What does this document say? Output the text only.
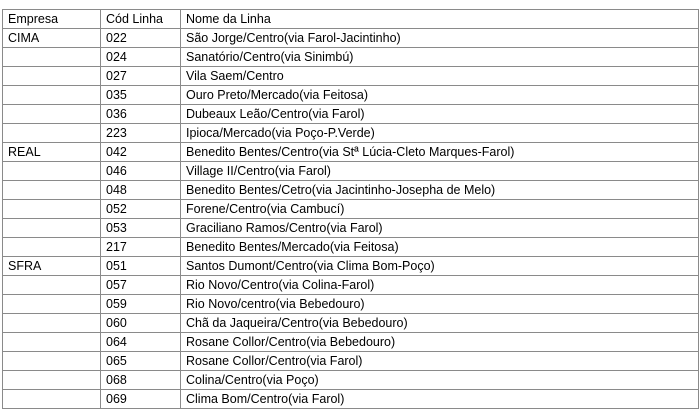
Empresa	Cód Linha	Nome da Linha
CIMA	022	São Jorge/Centro(via Farol-Jacintinho)
	024	Sanatório/Centro(via Sinimbú)
	027	Vila Saem/Centro
	035	Ouro Preto/Mercado(via Feitosa)
	036	Dubeaux Leão/Centro(via Farol)
	223	Ipioca/Mercado(via Poço-P.Verde)
REAL	042	Benedito Bentes/Centro(via Stª Lúcia-Cleto Marques-Farol)
	046	Village II/Centro(via Farol)
	048	Benedito Bentes/Cetro(via Jacintinho-Josepha de Melo)
	052	Forene/Centro(via Cambucí)
	053	Graciliano Ramos/Centro(via Farol)
	217	Benedito Bentes/Mercado(via Feitosa)
SFRA	051	Santos Dumont/Centro(via Clima Bom-Poço)
	057	Rio Novo/Centro(via Colina-Farol)
	059	Rio Novo/centro(via Bebedouro)
	060	Chã da Jaqueira/Centro(via Bebedouro)
	064	Rosane Collor/Centro(via Bebedouro)
	065	Rosane Collor/Centro(via Farol)
	068	Colina/Centro(via Poço)
	069	Clima Bom/Centro(via Farol)
